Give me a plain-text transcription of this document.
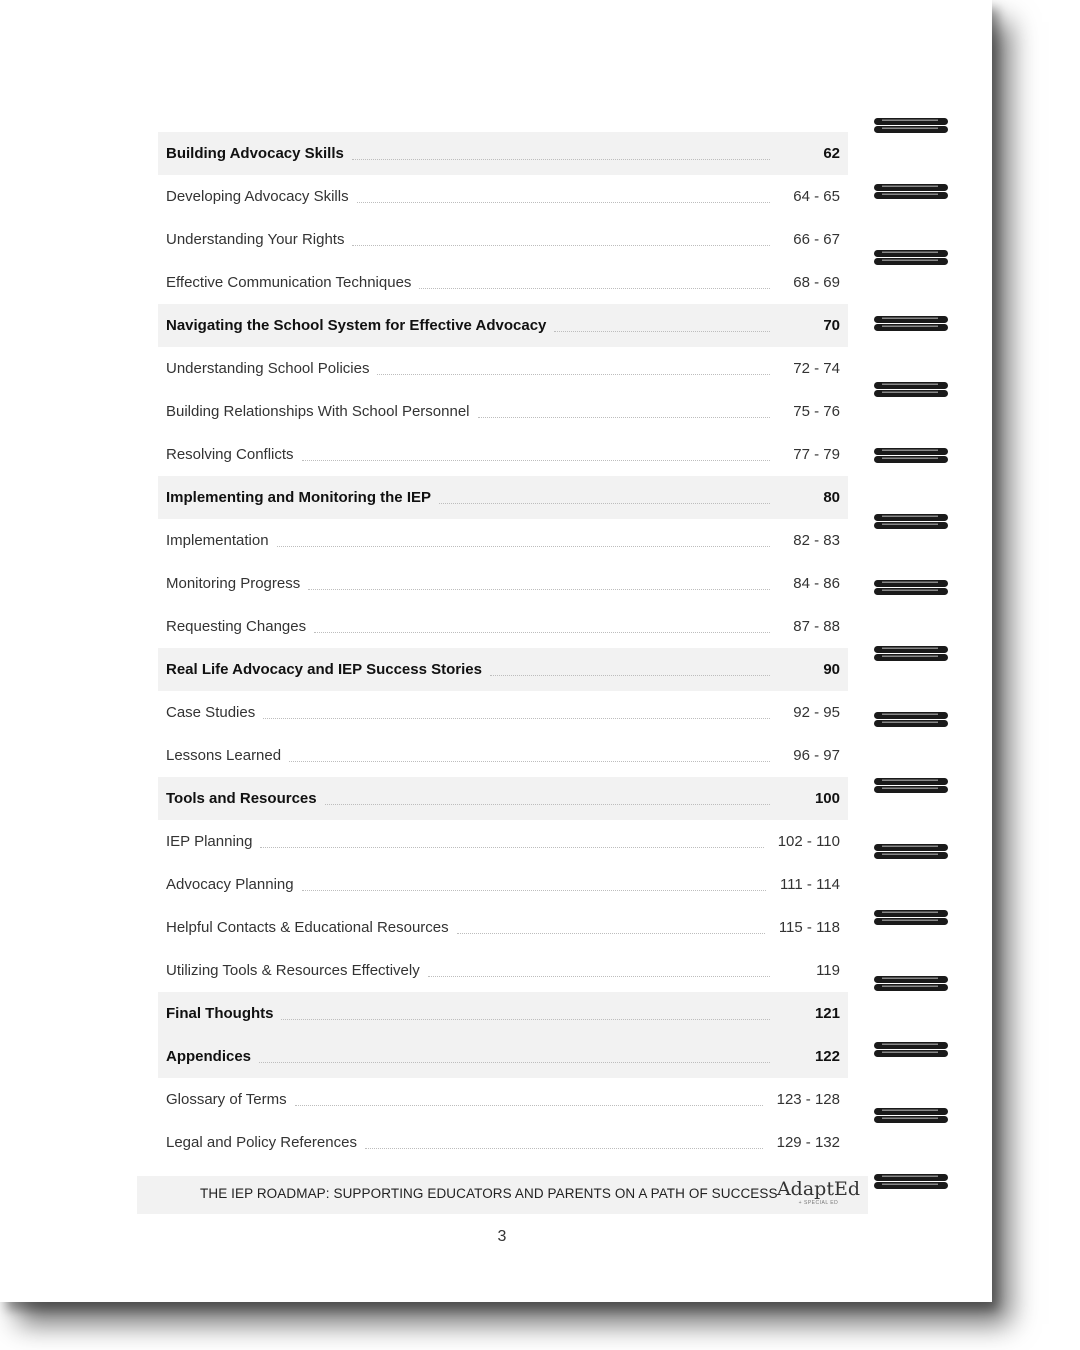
Building Advocacy Skills	62
Developing Advocacy Skills	64 - 65
Understanding Your Rights	66 - 67
Effective Communication Techniques	68 - 69
Navigating the School System for Effective Advocacy	70
Understanding School Policies	72 - 74
Building Relationships With School Personnel	75 - 76
Resolving Conflicts	77 - 79
Implementing and Monitoring the IEP	80
Implementation	82 - 83
Monitoring Progress	84 - 86
Requesting Changes	87 - 88
Real Life Advocacy and IEP Success Stories	90
Case Studies	92 - 95
Lessons Learned	96 - 97
Tools and Resources	100
IEP Planning	102 - 110
Advocacy Planning	111 - 114
Helpful Contacts & Educational Resources	115 - 118
Utilizing Tools & Resources Effectively	119
Final Thoughts	121
Appendices	122
Glossary of Terms	123 - 128
Legal and Policy References	129 - 132
THE IEP ROADMAP: SUPPORTING EDUCATORS AND PARENTS ON A PATH OF SUCCESS AdaptEd
+ SPECIAL ED
3
